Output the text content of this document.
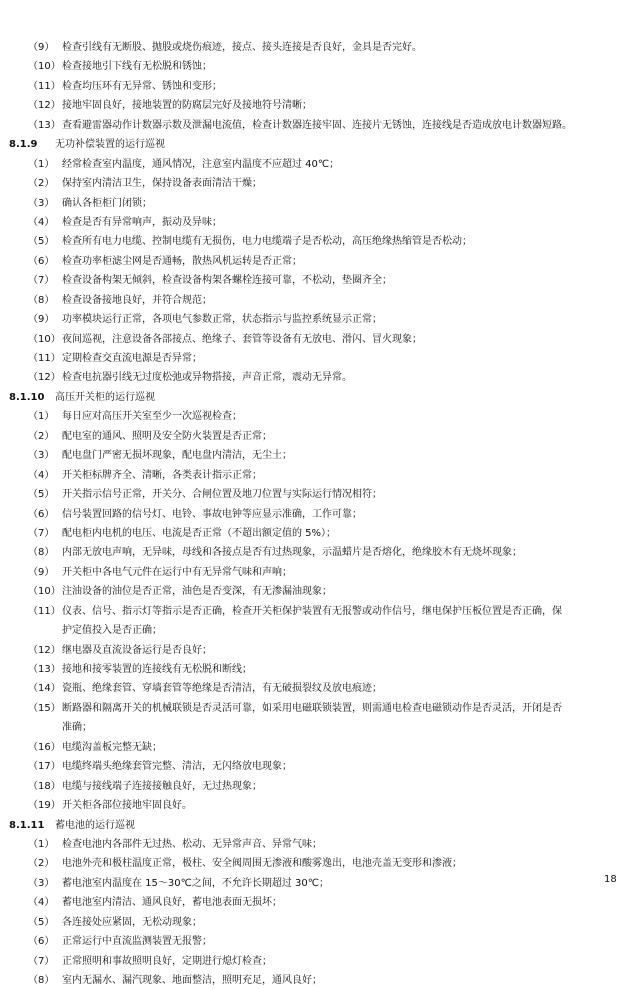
（9） 检查引线有无断股、抛股或烧伤痕迹，接点、接头连接是否良好，金具是否完好。
（10） 检查接地引下线有无松脱和锈蚀；
（11） 检查均压环有无异常、锈蚀和变形；
（12） 接地牢固良好，接地装置的防腐层完好及接地符号清晰；
（13） 查看避雷器动作计数器示数及泄漏电流值，检查计数器连接牢固、连接片无锈蚀，连接线是否造成放电计数器短路。
8.1.9 无功补偿装置的运行巡视
（1） 经常检查室内温度，通风情况，注意室内温度不应超过 40℃；
（2） 保持室内清洁卫生，保持设备表面清洁干燥；
（3） 确认各柜柜门闭锁；
（4） 检查是否有异常响声，振动及异味；
（5） 检查所有电力电缆、控制电缆有无损伤，电力电缆端子是否松动，高压绝缘热缩管是否松动；
（6） 检查功率柜滤尘网是否通畅，散热风机运转是否正常；
（7） 检查设备构架无倾斜，检查设备构架各螺栓连接可靠，不松动，垫圈齐全；
（8） 检查设备接地良好，并符合规范；
（9） 功率模块运行正常，各项电气参数正常，状态指示与监控系统显示正常；
（10） 夜间巡视，注意设备各部接点、绝缘子、套管等设备有无放电、滑闪、冒火现象；
（11） 定期检查交直流电源是否异常；
（12） 检查电抗器引线无过度松弛或异物搭接，声音正常，震动无异常。
8.1.10 高压开关柜的运行巡视
（1） 每日应对高压开关室至少一次巡视检查；
（2） 配电室的通风、照明及安全防火装置是否正常；
（3） 配电盘门严密无损坏现象，配电盘内清洁，无尘土；
（4） 开关柜标牌齐全、清晰，各类表计指示正常；
（5） 开关指示信号正常，开关分、合闸位置及地刀位置与实际运行情况相符；
（6） 信号装置回路的信号灯、电铃、事故电钟等应显示准确，工作可靠；
（7） 配电柜内电机的电压、电流是否正常（不超出额定值的 5%）；
（8） 内部无放电声响，无异味，母线和各接点是否有过热现象，示温蜡片是否熔化，绝缘胶木有无烧坏现象；
（9） 开关柜中各电气元件在运行中有无异常气味和声响；
（10） 注油设备的油位是否正常，油色是否变深，有无渗漏油现象；
（11） 仪表、信号、指示灯等指示是否正确，检查开关柜保护装置有无报警或动作信号，继电保护压板位置是否正确，保
护定值投入是否正确；
（12） 继电器及直流设备运行是否良好；
（13） 接地和接零装置的连接线有无松脱和断线；
（14） 瓷瓶、绝缘套管、穿墙套管等绝缘是否清洁，有无破损裂纹及放电痕迹；
（15） 断路器和隔离开关的机械联锁是否灵活可靠，如采用电磁联锁装置，则需通电检查电磁锁动作是否灵活，开闭是否
准确；
（16） 电缆沟盖板完整无缺；
（17） 电缆终端头绝缘套管完整、清洁，无闪络放电现象；
（18） 电缆与接线端子连接接触良好，无过热现象；
（19） 开关柜各部位接地牢固良好。
8.1.11 蓄电池的运行巡视
（1） 检查电池内各部件无过热、松动、无异常声音、异常气味；
（2） 电池外壳和极柱温度正常，极柱、安全阀周围无渗液和酸雾逸出，电池壳盖无变形和渗液；
（3） 蓄电池室内温度在 15～30℃之间，不允许长期超过 30℃；
（4） 蓄电池室内清洁、通风良好，蓄电池表面无损坏；
（5） 各连接处应紧固，无松动现象；
（6） 正常运行中直流监测装置无报警；
（7） 正常照明和事故照明良好，定期进行熄灯检查；
（8） 室内无漏水、漏汽现象、地面整洁，照明充足，通风良好；
18
